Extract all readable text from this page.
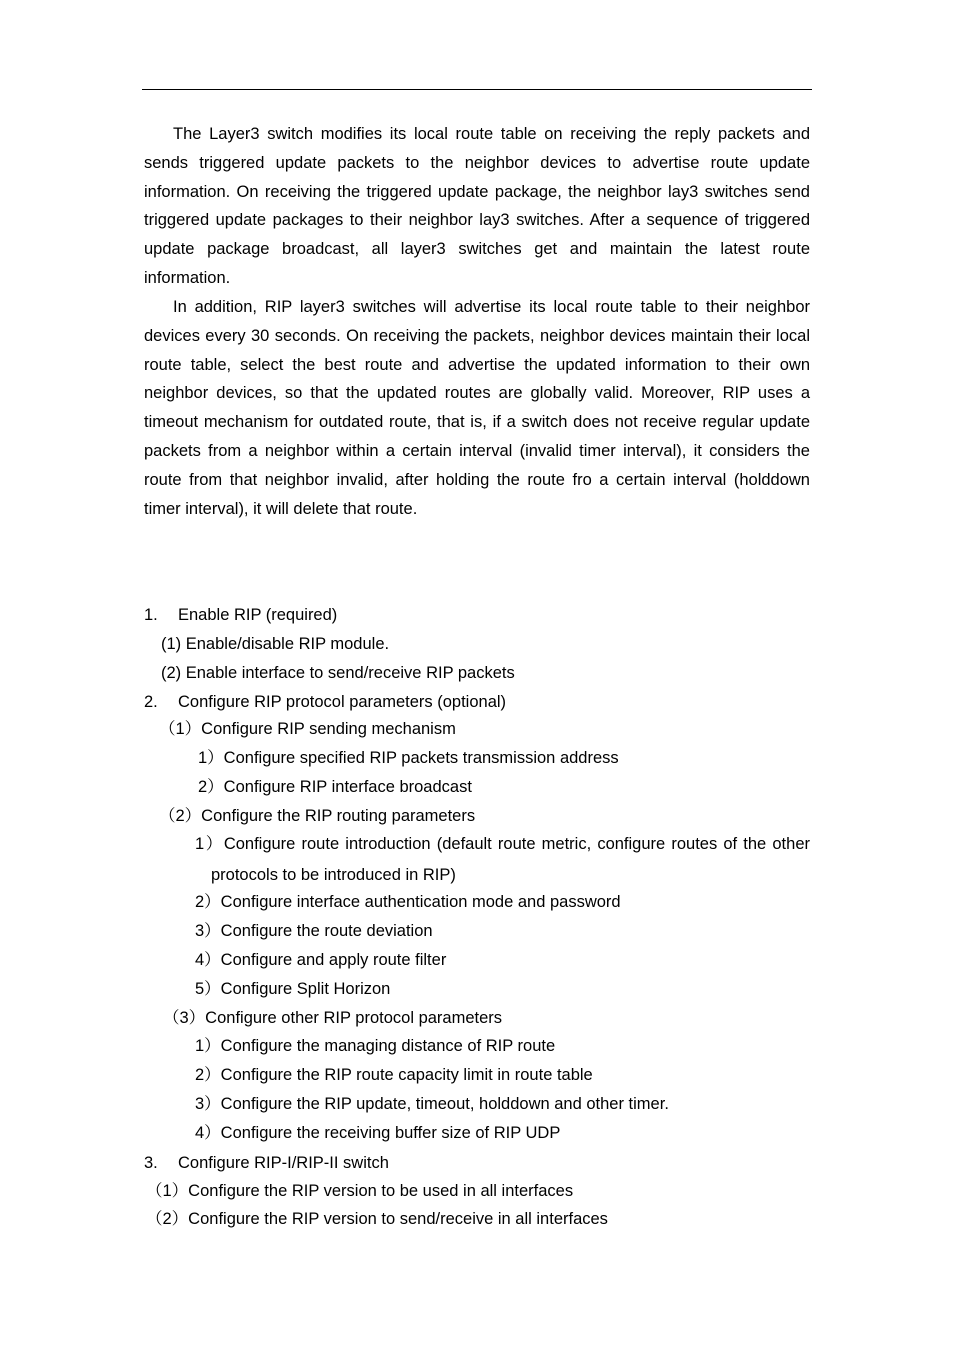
The Layer3 switch modifies its local route table on receiving the reply packets and sends triggered update packets to the neighbor devices to advertise route update information. On receiving the triggered update package, the neighbor lay3 switches send triggered update packages to their neighbor lay3 switches. After a sequence of triggered update package broadcast, all layer3 switches get and maintain the latest route information.

In addition, RIP layer3 switches will advertise its local route table to their neighbor devices every 30 seconds. On receiving the packets, neighbor devices maintain their local route table, select the best route and advertise the updated information to their own neighbor devices, so that the updated routes are globally valid. Moreover, RIP uses a timeout mechanism for outdated route, that is, if a switch does not receive regular update packets from a neighbor within a certain interval (invalid timer interval), it considers the route from that neighbor invalid, after holding the route fro a certain interval (holddown timer interval), it will delete that route.

1. Enable RIP (required)
(1) Enable/disable RIP module.
(2) Enable interface to send/receive RIP packets
2. Configure RIP protocol parameters (optional)
（1）Configure RIP sending mechanism
1）Configure specified RIP packets transmission address
2）Configure RIP interface broadcast
（2）Configure the RIP routing parameters
1）Configure route introduction (default route metric, configure routes of the other
protocols to be introduced in RIP)
2）Configure interface authentication mode and password
3）Configure the route deviation
4）Configure and apply route filter
5）Configure Split Horizon
（3）Configure other RIP protocol parameters
1）Configure the managing distance of RIP route
2）Configure the RIP route capacity limit in route table
3）Configure the RIP update, timeout, holddown and other timer.
4）Configure the receiving buffer size of RIP UDP
3. Configure RIP-I/RIP-II switch
（1）Configure the RIP version to be used in all interfaces
（2）Configure the RIP version to send/receive in all interfaces
